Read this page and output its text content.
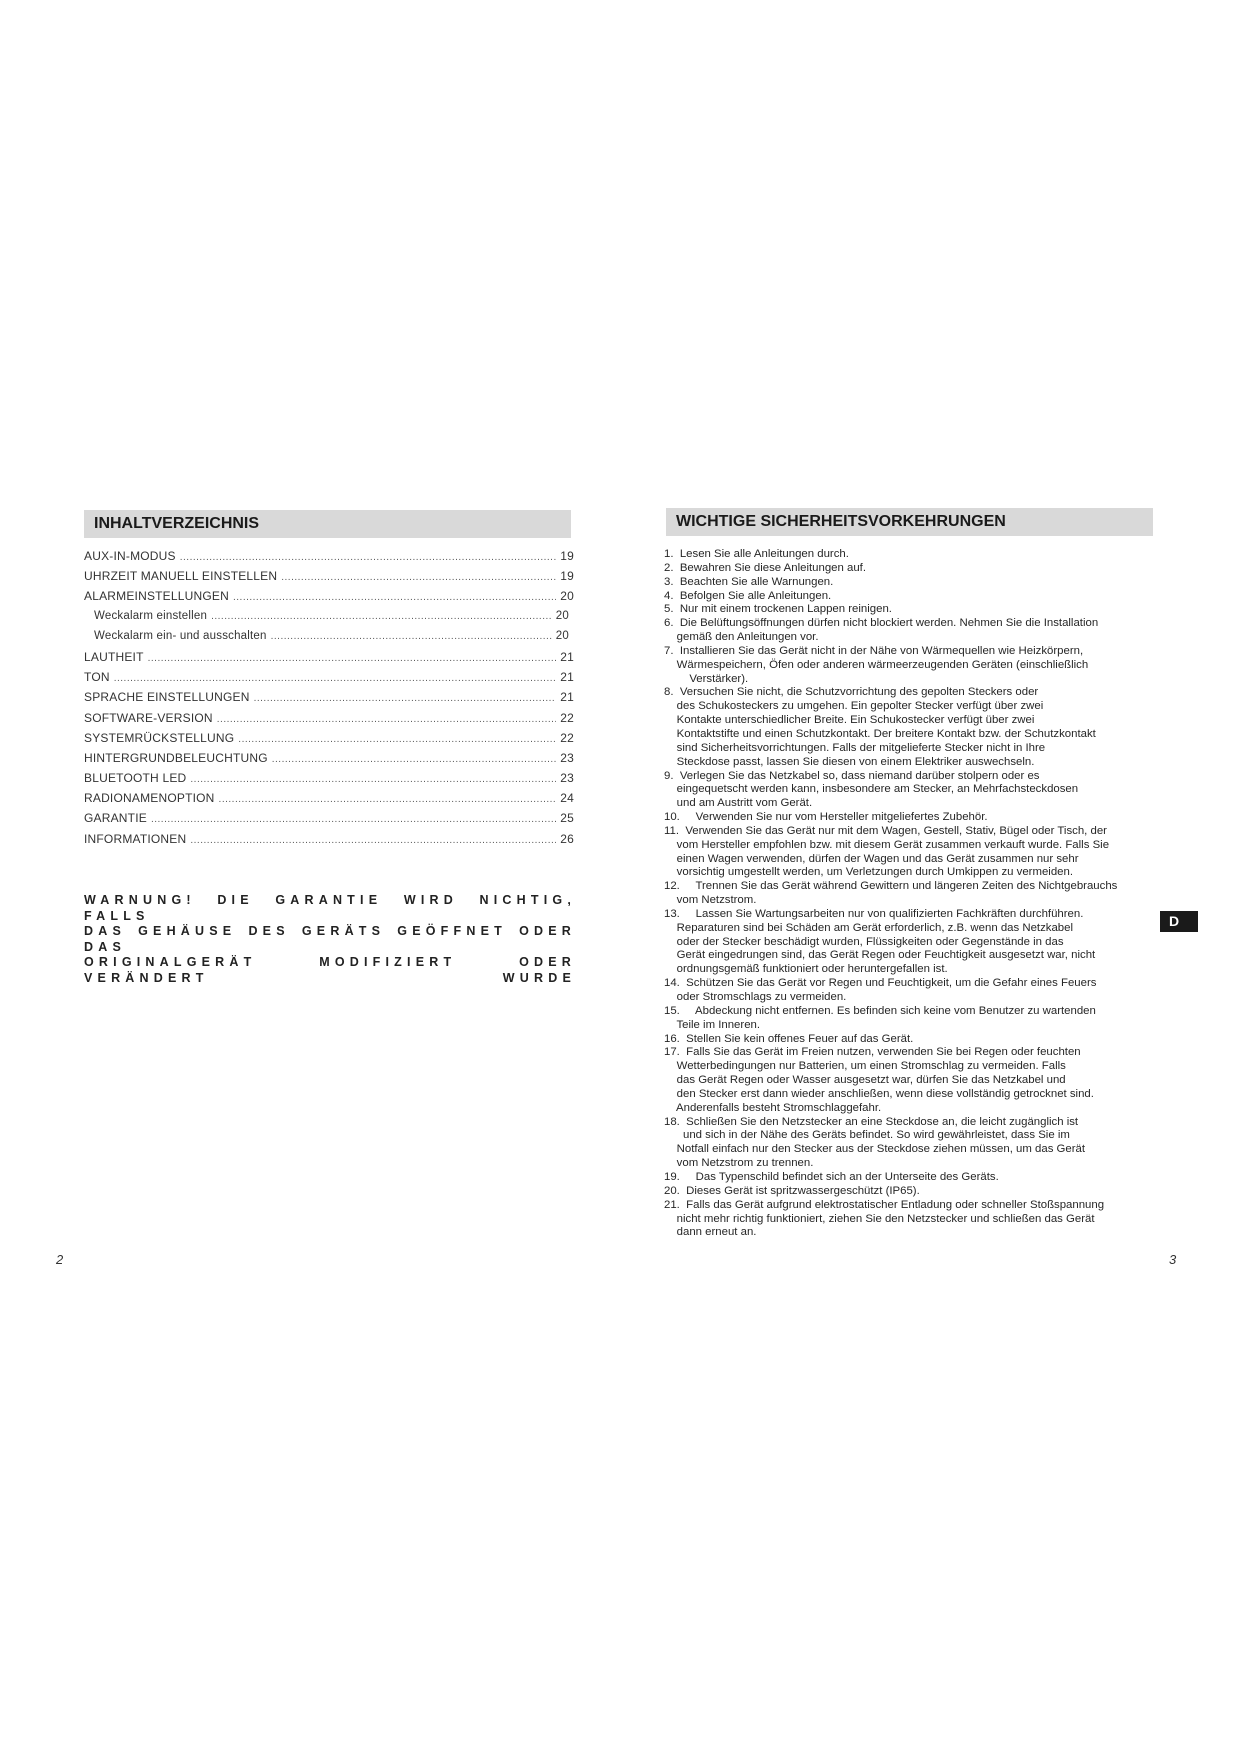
INHALTVERZEICHNIS
AUX-IN-MODUS .....	19
UHRZEIT MANUELL EINSTELLEN .....	19
ALARMEINSTELLUNGEN .....	20
Weckalarm einstellen .....	20
Weckalarm ein- und ausschalten .....	20
LAUTHEIT .....	21
TON .....	21
SPRACHE EINSTELLUNGEN .....	21
SOFTWARE-VERSION .....	22
SYSTEMRÜCKSTELLUNG .....	22
HINTERGRUNDBELEUCHTUNG .....	23
BLUETOOTH LED .....	23
RADIONAMENOPTION .....	24
GARANTIE .....	25
INFORMATIONEN .....	26
WARNUNG! DIE GARANTIE WIRD NICHTIG, FALLS
DAS GEHÄUSE DES GERÄTS GEÖFFNET ODER DAS
ORIGINALGERÄT MODIFIZIERT ODER VERÄNDERT WURDE
2
WICHTIGE SICHERHEITSVORKEHRUNGEN
1.  Lesen Sie alle Anleitungen durch.
2.  Bewahren Sie diese Anleitungen auf.
3.  Beachten Sie alle Warnungen.
4.  Befolgen Sie alle Anleitungen.
5.  Nur mit einem trockenen Lappen reinigen.
6.  Die Belüftungsöffnungen dürfen nicht blockiert werden. Nehmen Sie die Installation
gemäß den Anleitungen vor.
7.  Installieren Sie das Gerät nicht in der Nähe von Wärmequellen wie Heizkörpern,
Wärmespeichern, Öfen oder anderen wärmeerzeugenden Geräten (einschließlich
Verstärker).
8.  Versuchen Sie nicht, die Schutzvorrichtung des gepolten Steckers oder
des Schukosteckers zu umgehen. Ein gepolter Stecker verfügt über zwei
Kontakte unterschiedlicher Breite. Ein Schukostecker verfügt über zwei
Kontaktstifte und einen Schutzkontakt. Der breitere Kontakt bzw. der Schutzkontakt
sind Sicherheitsvorrichtungen. Falls der mitgelieferte Stecker nicht in Ihre
Steckdose passt, lassen Sie diesen von einem Elektriker auswechseln.
9.  Verlegen Sie das Netzkabel so, dass niemand darüber stolpern oder es
eingequetscht werden kann, insbesondere am Stecker, an Mehrfachsteckdosen
und am Austritt vom Gerät.
10.     Verwenden Sie nur vom Hersteller mitgeliefertes Zubehör.
11.  Verwenden Sie das Gerät nur mit dem Wagen, Gestell, Stativ, Bügel oder Tisch, der
vom Hersteller empfohlen bzw. mit diesem Gerät zusammen verkauft wurde. Falls Sie
einen Wagen verwenden, dürfen der Wagen und das Gerät zusammen nur sehr
vorsichtig umgestellt werden, um Verletzungen durch Umkippen zu vermeiden.
12.     Trennen Sie das Gerät während Gewittern und längeren Zeiten des Nichtgebrauchs
vom Netzstrom.
13.     Lassen Sie Wartungsarbeiten nur von qualifizierten Fachkräften durchführen.
Reparaturen sind bei Schäden am Gerät erforderlich, z.B. wenn das Netzkabel
oder der Stecker beschädigt wurden, Flüssigkeiten oder Gegenstände in das
Gerät eingedrungen sind, das Gerät Regen oder Feuchtigkeit ausgesetzt war, nicht
ordnungsgemäß funktioniert oder heruntergefallen ist.
14.  Schützen Sie das Gerät vor Regen und Feuchtigkeit, um die Gefahr eines Feuers
oder Stromschlags zu vermeiden.
15.     Abdeckung nicht entfernen. Es befinden sich keine vom Benutzer zu wartenden
Teile im Inneren.
16.  Stellen Sie kein offenes Feuer auf das Gerät.
17.  Falls Sie das Gerät im Freien nutzen, verwenden Sie bei Regen oder feuchten
Wetterbedingungen nur Batterien, um einen Stromschlag zu vermeiden. Falls
das Gerät Regen oder Wasser ausgesetzt war, dürfen Sie das Netzkabel und
den Stecker erst dann wieder anschließen, wenn diese vollständig getrocknet sind.
Anderenfalls besteht Stromschlaggefahr.
18.  Schließen Sie den Netzstecker an eine Steckdose an, die leicht zugänglich ist
und sich in der Nähe des Geräts befindet. So wird gewährleistet, dass Sie im
Notfall einfach nur den Stecker aus der Steckdose ziehen müssen, um das Gerät
vom Netzstrom zu trennen.
19.     Das Typenschild befindet sich an der Unterseite des Geräts.
20.  Dieses Gerät ist spritzwassergeschützt (IP65).
21.  Falls das Gerät aufgrund elektrostatischer Entladung oder schneller Stoßspannung
nicht mehr richtig funktioniert, ziehen Sie den Netzstecker und schließen das Gerät
dann erneut an.
D
3
